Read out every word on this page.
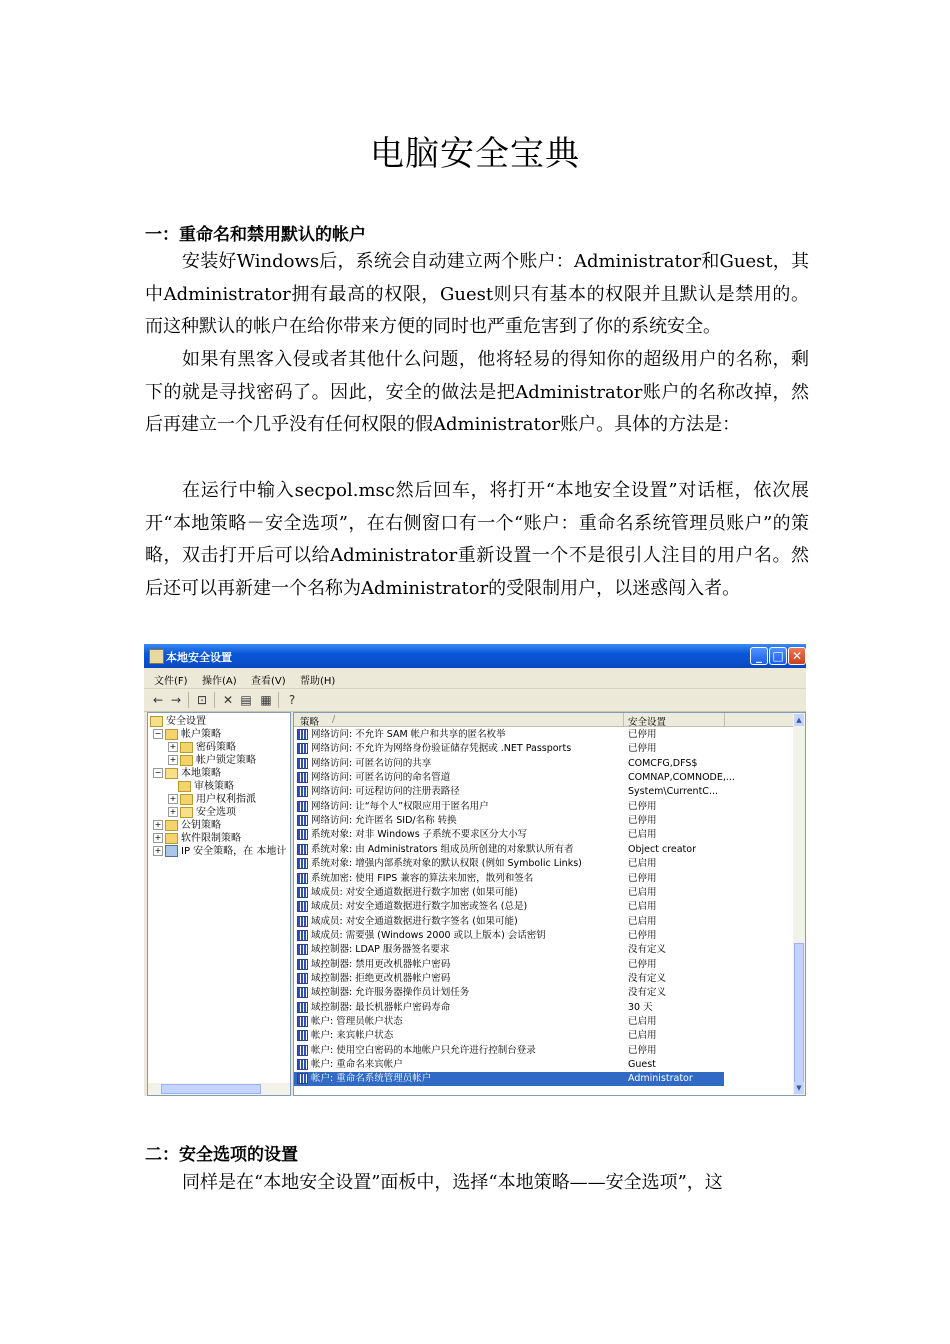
电脑安全宝典
一：重命名和禁用默认的帐户

安装好Windows后，系统会自动建立两个账户：Administrator和Guest，其中Administrator拥有最高的权限，Guest则只有基本的权限并且默认是禁用的。而这种默认的帐户在给你带来方便的同时也严重危害到了你的系统安全。

如果有黑客入侵或者其他什么问题，他将轻易的得知你的超级用户的名称，剩下的就是寻找密码了。因此，安全的做法是把Administrator账户的名称改掉，然后再建立一个几乎没有任何权限的假Administrator账户。具体的方法是：

在运行中输入secpol.msc然后回车，将打开“本地安全设置”对话框，依次展开“本地策略－安全选项”，在右侧窗口有一个“账户：重命名系统管理员账户”的策略，双击打开后可以给Administrator重新设置一个不是很引人注目的用户名。然后还可以再新建一个名称为Administrator的受限制用户，以迷惑闯入者。

本地安全设置	_ □ ✕
文件(F) 操作(A) 查看(V) 帮助(H)
← → ⊡ ✕ ▤ ▦	?
安全设置
− 帐户策略
+ 密码策略
+ 帐户锁定策略
− 本地策略
审核策略
+ 用户权利指派
+ 安全选项
+ 公钥策略
+ 软件限制策略
+ IP 安全策略，在 本地计
策略 /	安全设置
网络访问: 不允许 SAM 帐户和共享的匿名枚举	已停用
网络访问: 不允许为网络身份验证储存凭据或 .NET Passports	已停用
网络访问: 可匿名访问的共享	COMCFG,DFS$
网络访问: 可匿名访问的命名管道	COMNAP,COMNODE,...
网络访问: 可远程访问的注册表路径	System\CurrentC...
网络访问: 让“每个人”权限应用于匿名用户	已停用
网络访问: 允许匿名 SID/名称 转换	已停用
系统对象: 对非 Windows 子系统不要求区分大小写	已启用
系统对象: 由 Administrators 组成员所创建的对象默认所有者	Object creator
系统对象: 增强内部系统对象的默认权限 (例如 Symbolic Links)	已启用
系统加密: 使用 FIPS 兼容的算法来加密，散列和签名	已停用
域成员: 对安全通道数据进行数字加密 (如果可能)	已启用
域成员: 对安全通道数据进行数字加密或签名 (总是)	已启用
域成员: 对安全通道数据进行数字签名 (如果可能)	已启用
域成员: 需要强 (Windows 2000 或以上版本) 会话密钥	已停用
域控制器: LDAP 服务器签名要求	没有定义
域控制器: 禁用更改机器帐户密码	已停用
域控制器: 拒绝更改机器帐户密码	没有定义
域控制器: 允许服务器操作员计划任务	没有定义
域控制器: 最长机器帐户密码寿命	30 天
帐户: 管理员帐户状态	已启用
帐户: 来宾帐户状态	已启用
帐户: 使用空白密码的本地帐户只允许进行控制台登录	已停用
帐户: 重命名来宾帐户	Guest
帐户: 重命名系统管理员帐户	Administrator
▲
▼
二：安全选项的设置

同样是在“本地安全设置”面板中，选择“本地策略——安全选项”，这
